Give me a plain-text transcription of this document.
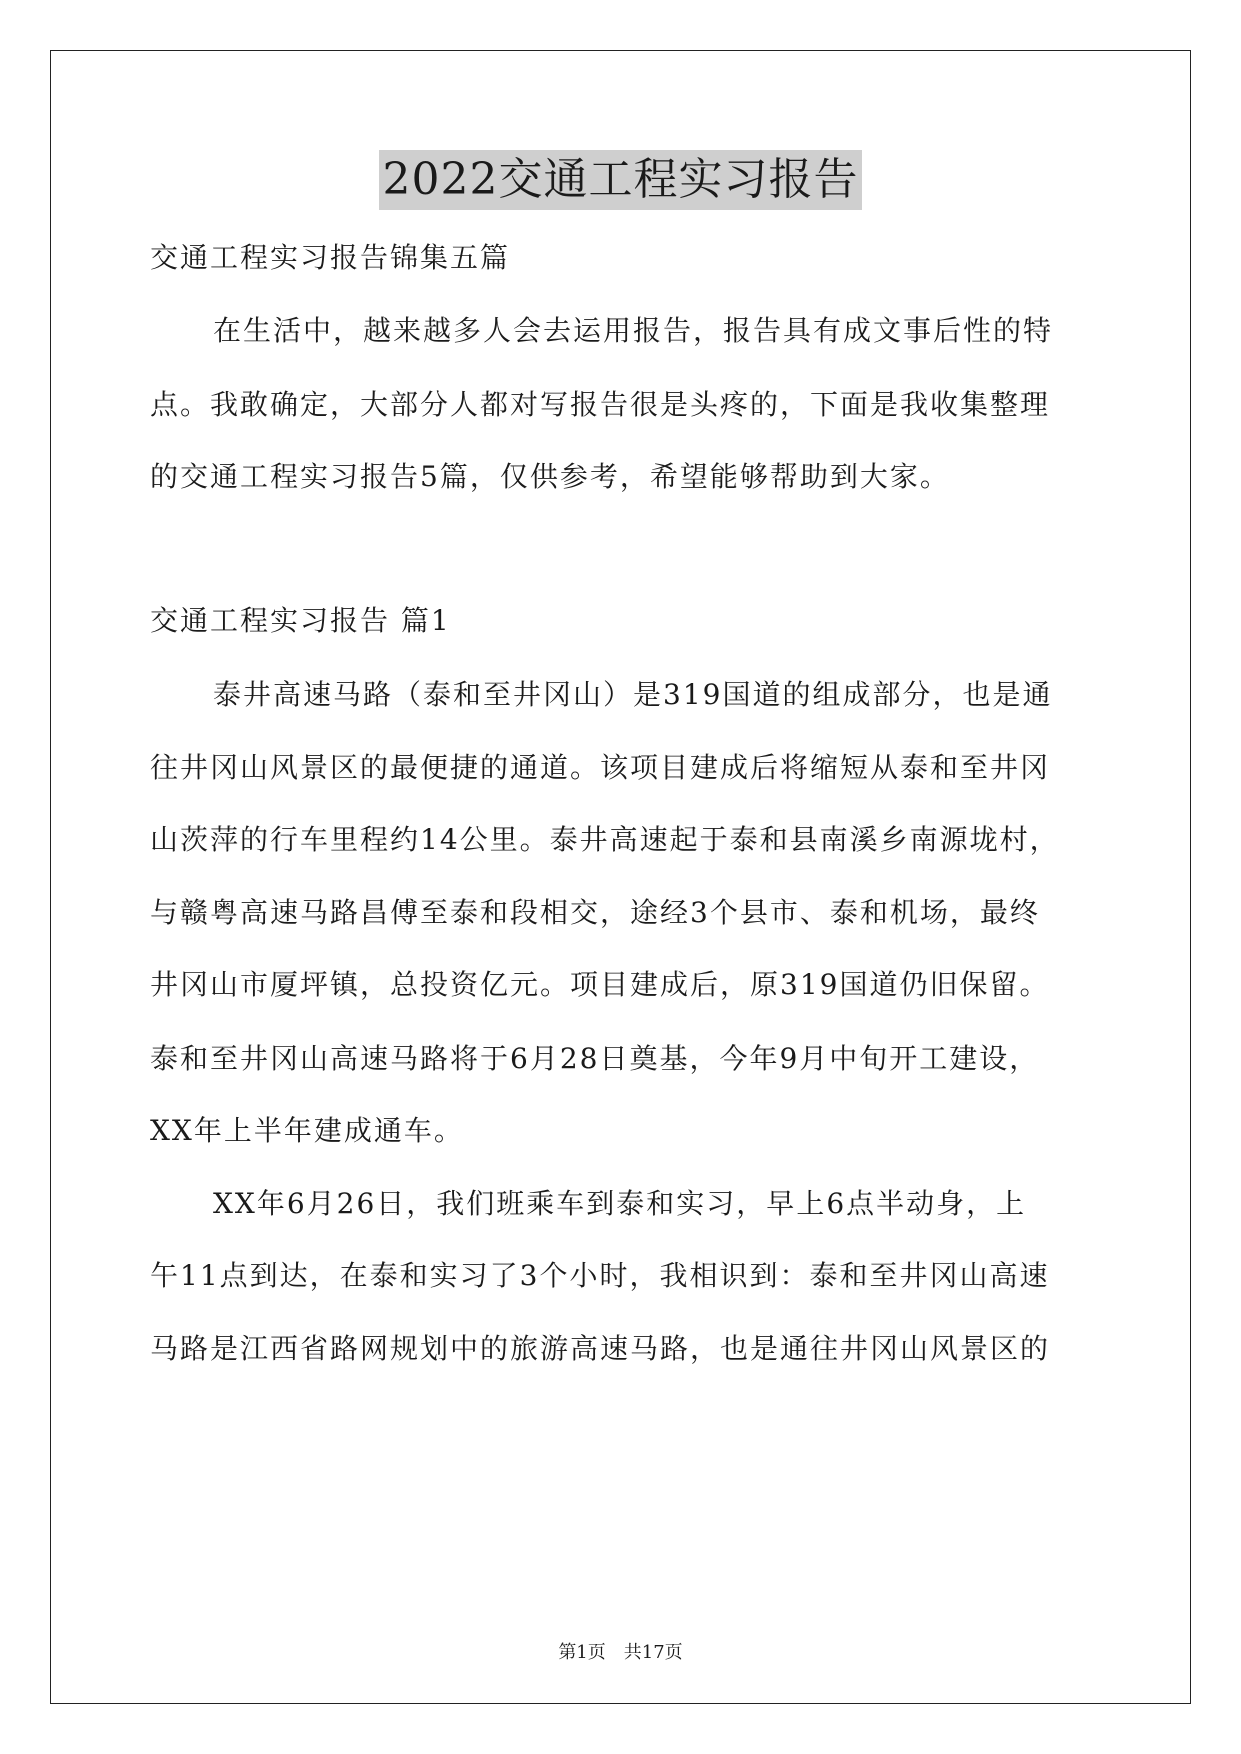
2022交通工程实习报告
交通工程实习报告锦集五篇
在生活中，越来越多人会去运用报告，报告具有成文事后性的特
点。我敢确定，大部分人都对写报告很是头疼的，下面是我收集整理
的交通工程实习报告5篇，仅供参考，希望能够帮助到大家。
交通工程实习报告 篇1
泰井高速马路（泰和至井冈山）是319国道的组成部分，也是通
往井冈山风景区的最便捷的通道。该项目建成后将缩短从泰和至井冈
山茨萍的行车里程约14公里。泰井高速起于泰和县南溪乡南源垅村，
与赣粤高速马路昌傅至泰和段相交，途经3个县市、泰和机场，最终
井冈山市厦坪镇，总投资亿元。项目建成后，原319国道仍旧保留。
泰和至井冈山高速马路将于6月28日奠基，今年9月中旬开工建设，
XX年上半年建成通车。
XX年6月26日，我们班乘车到泰和实习，早上6点半动身，上
午11点到达，在泰和实习了3个小时，我相识到：泰和至井冈山高速
马路是江西省路网规划中的旅游高速马路，也是通往井冈山风景区的
第1页　共17页
